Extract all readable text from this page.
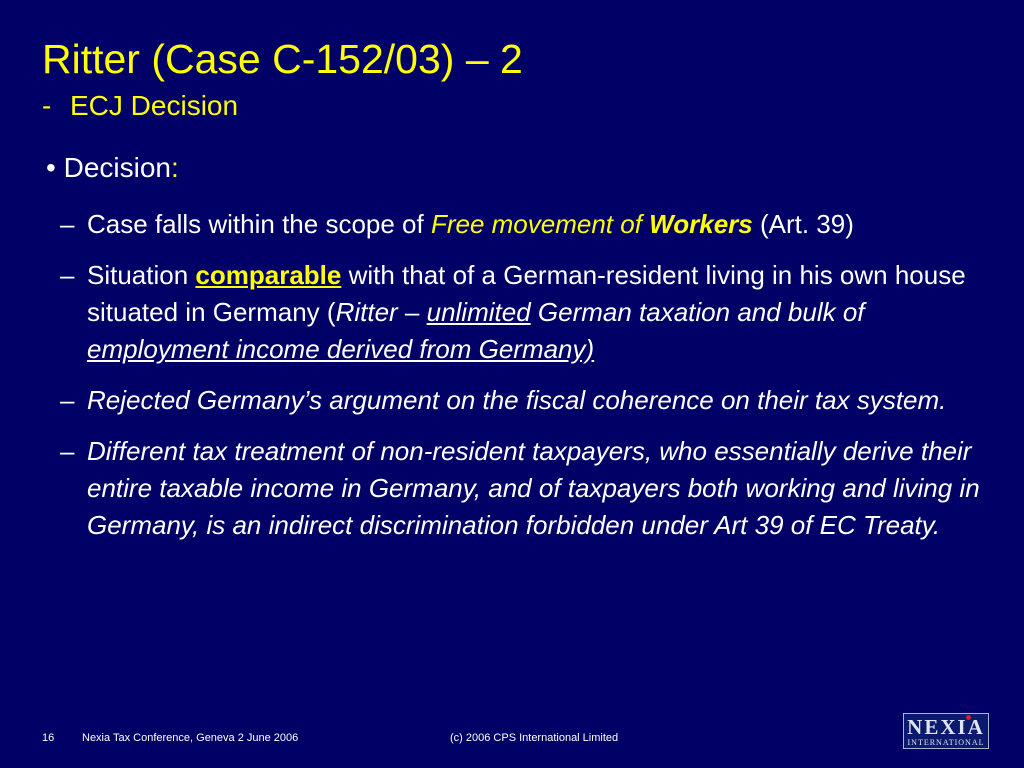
Ritter (Case C-152/03) – 2
- ECJ Decision
• Decision:
– Case falls within the scope of Free movement of Workers (Art. 39)
– Situation comparable with that of a German-resident living in his own house situated in Germany (Ritter – unlimited German taxation and bulk of employment income derived from Germany)
– Rejected Germany’s argument on the fiscal coherence on their tax system.
– Different tax treatment of non-resident taxpayers, who essentially derive their entire taxable income in Germany, and of taxpayers both working and living in Germany, is an indirect discrimination forbidden under Art 39 of EC Treaty.
16	Nexia Tax Conference, Geneva 2 June 2006	(c) 2006 CPS International Limited	NEXIA
INTERNATIONAL
